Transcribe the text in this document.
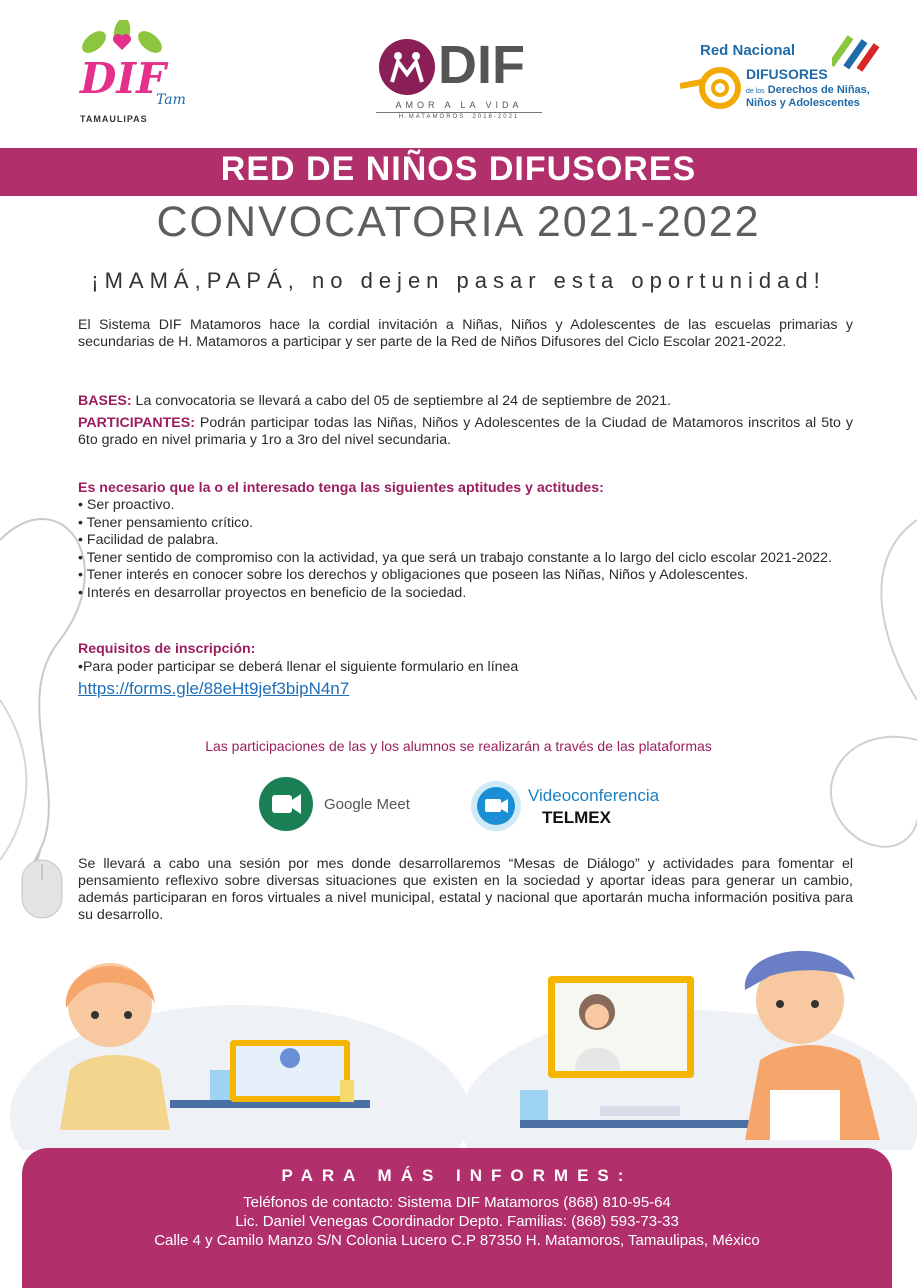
DIF
Tam
TAMAULIPAS
DIF
AMOR A LA VIDA
H.MATAMOROS 2018-2021
Red Nacional
DIFUSORES
de los Derechos de Niñas,
Niños y Adolescentes
RED DE NIÑOS DIFUSORES
CONVOCATORIA 2021-2022
¡MAMÁ,PAPÁ, no dejen pasar esta oportunidad!
El Sistema DIF Matamoros hace la cordial invitación a Niñas, Niños y Adolescentes de las escuelas primarias y secundarias de H. Matamoros a participar y ser parte de la Red de Niños Difusores del Ciclo Escolar 2021-2022.
BASES: La convocatoria se llevará a cabo del 05 de septiembre al 24 de septiembre de 2021.
PARTICIPANTES: Podrán participar todas las Niñas, Niños y Adolescentes de la Ciudad de Matamoros inscritos al 5to y 6to grado en nivel primaria y 1ro a 3ro del nivel secundaria.
Es necesario que la o el interesado tenga las siguientes aptitudes y actitudes:
• Ser proactivo.
• Tener pensamiento crítico.
• Facilidad de palabra.
• Tener sentido de compromiso con la actividad, ya que será un trabajo constante a lo largo del ciclo escolar 2021-2022.
• Tener interés en conocer sobre los derechos y obligaciones que poseen las Niñas, Niños y Adolescentes.
• Interés en desarrollar proyectos en beneficio de la sociedad.
Requisitos de inscripción:
•Para poder participar se deberá llenar el siguiente formulario en línea
https://forms.gle/88eHt9jef3bipN4n7
Las participaciones de las y los alumnos se realizarán a través de las plataformas
Google Meet	Videoconferencia
TELMEX
Se llevará a cabo una sesión por mes donde desarrollaremos “Mesas de Diálogo” y actividades para fomentar el pensamiento reflexivo sobre diversas situaciones que existen en la sociedad y aportar ideas para generar un cambio, además participaran en foros virtuales a nivel municipal, estatal y nacional que aportarán mucha información positiva para su desarrollo.
PARA MÁS INFORMES:
Teléfonos de contacto: Sistema DIF Matamoros (868) 810-95-64
Lic. Daniel Venegas Coordinador Depto. Familias: (868) 593-73-33
Calle 4 y Camilo Manzo S/N Colonia Lucero C.P 87350 H. Matamoros, Tamaulipas, México
